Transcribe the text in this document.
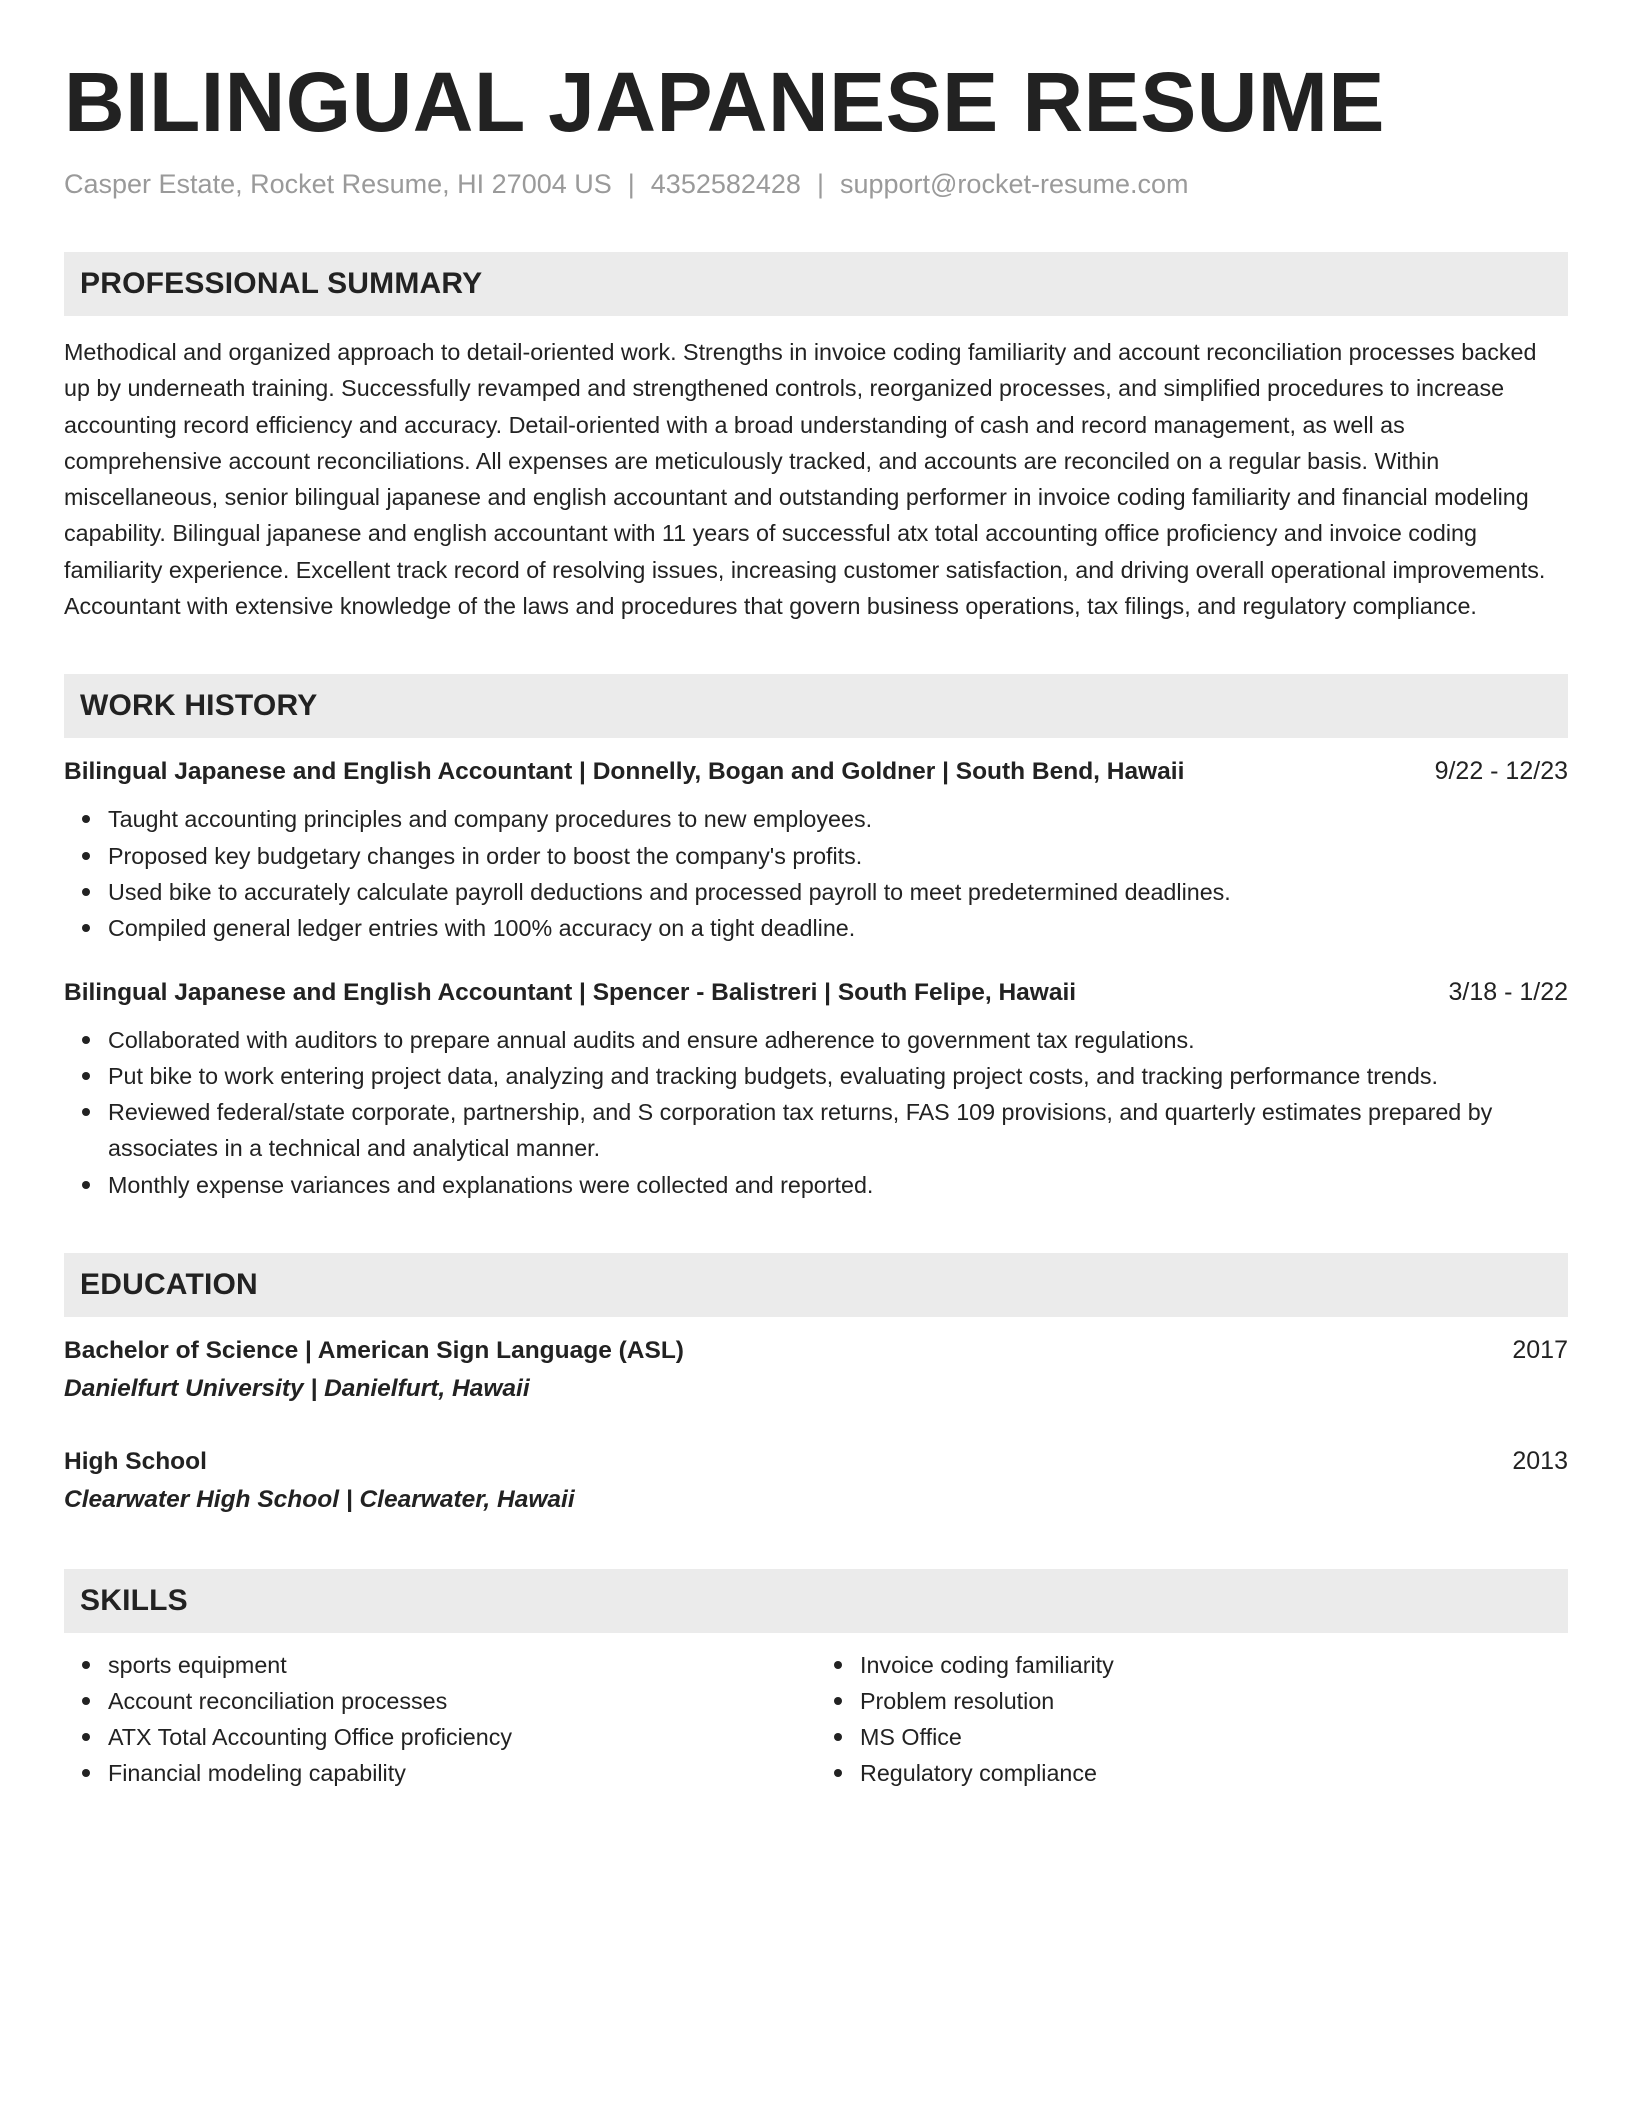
BILINGUAL JAPANESE RESUME
Casper Estate, Rocket Resume, HI 27004 US | 4352582428 | support@rocket-resume.com
PROFESSIONAL SUMMARY
Methodical and organized approach to detail-oriented work. Strengths in invoice coding familiarity and account reconciliation processes backed up by underneath training. Successfully revamped and strengthened controls, reorganized processes, and simplified procedures to increase accounting record efficiency and accuracy. Detail-oriented with a broad understanding of cash and record management, as well as comprehensive account reconciliations. All expenses are meticulously tracked, and accounts are reconciled on a regular basis. Within miscellaneous, senior bilingual japanese and english accountant and outstanding performer in invoice coding familiarity and financial modeling capability. Bilingual japanese and english accountant with 11 years of successful atx total accounting office proficiency and invoice coding familiarity experience. Excellent track record of resolving issues, increasing customer satisfaction, and driving overall operational improvements. Accountant with extensive knowledge of the laws and procedures that govern business operations, tax filings, and regulatory compliance.
WORK HISTORY
Bilingual Japanese and English Accountant | Donnelly, Bogan and Goldner | South Bend, Hawaii	9/22 - 12/23
Taught accounting principles and company procedures to new employees.
Proposed key budgetary changes in order to boost the company's profits.
Used bike to accurately calculate payroll deductions and processed payroll to meet predetermined deadlines.
Compiled general ledger entries with 100% accuracy on a tight deadline.
Bilingual Japanese and English Accountant | Spencer - Balistreri | South Felipe, Hawaii	3/18 - 1/22
Collaborated with auditors to prepare annual audits and ensure adherence to government tax regulations.
Put bike to work entering project data, analyzing and tracking budgets, evaluating project costs, and tracking performance trends.
Reviewed federal/state corporate, partnership, and S corporation tax returns, FAS 109 provisions, and quarterly estimates prepared by associates in a technical and analytical manner.
Monthly expense variances and explanations were collected and reported.
EDUCATION
Bachelor of Science | American Sign Language (ASL)	2017
Danielfurt University | Danielfurt, Hawaii
High School	2013
Clearwater High School | Clearwater, Hawaii
SKILLS
sports equipment
Account reconciliation processes
ATX Total Accounting Office proficiency
Financial modeling capability
Invoice coding familiarity
Problem resolution
MS Office
Regulatory compliance
